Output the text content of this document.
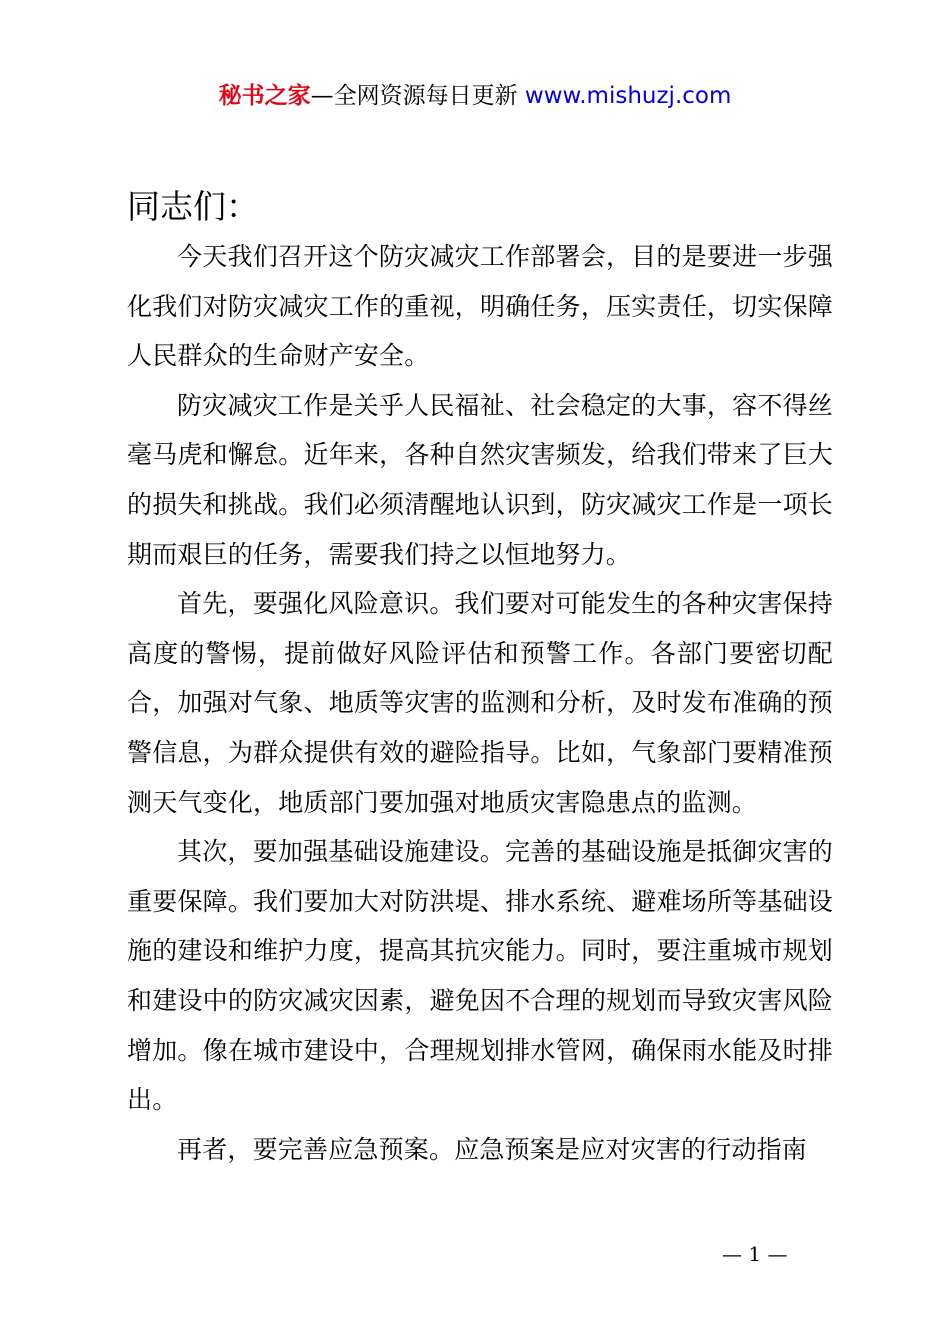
秘书之家—全网资源每日更新 www.mishuzj.com
同志们：

今天我们召开这个防灾减灾工作部署会，目的是要进一步强化我们对防灾减灾工作的重视，明确任务，压实责任，切实保障人民群众的生命财产安全。

防灾减灾工作是关乎人民福祉、社会稳定的大事，容不得丝毫马虎和懈怠。近年来，各种自然灾害频发，给我们带来了巨大的损失和挑战。我们必须清醒地认识到，防灾减灾工作是一项长期而艰巨的任务，需要我们持之以恒地努力。

首先，要强化风险意识。我们要对可能发生的各种灾害保持高度的警惕，提前做好风险评估和预警工作。各部门要密切配合，加强对气象、地质等灾害的监测和分析，及时发布准确的预警信息，为群众提供有效的避险指导。比如，气象部门要精准预测天气变化，地质部门要加强对地质灾害隐患点的监测。

其次，要加强基础设施建设。完善的基础设施是抵御灾害的重要保障。我们要加大对防洪堤、排水系统、避难场所等基础设施的建设和维护力度，提高其抗灾能力。同时，要注重城市规划和建设中的防灾减灾因素，避免因不合理的规划而导致灾害风险增加。像在城市建设中，合理规划排水管网，确保雨水能及时排出。

再者，要完善应急预案。应急预案是应对灾害的行动指南

— 1 —
